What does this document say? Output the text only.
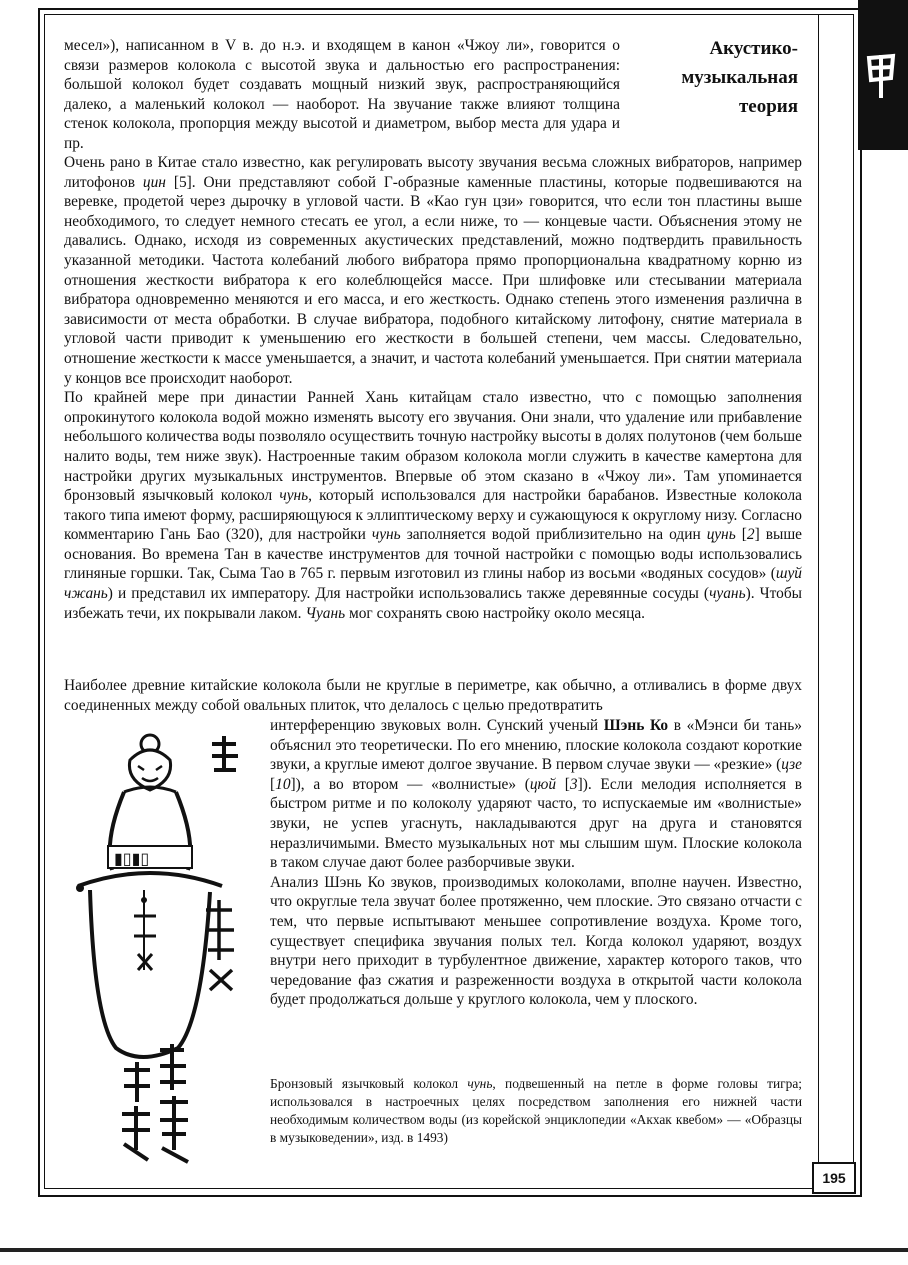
Акустико-
музыкальная
теория

месел»), написанном в V в. до н.э. и входящем в канон «Чжоу ли», говорится о связи размеров колокола с высотой звука и дальностью его распространения: большой колокол будет создавать мощный низкий звук, распространяющийся далеко, а маленький колокол — наоборот. На звучание также влияют толщина стенок колокола, пропорция между высотой и диаметром, выбор места для удара и пр.

Очень рано в Китае стало известно, как регулировать высоту звучания весьма сложных вибраторов, например литофонов цин [5]. Они представляют собой Г-образные каменные пластины, которые подвешиваются на веревке, продетой через дырочку в угловой части. В «Као гун цзи» говорится, что если тон пластины выше необходимого, то следует немного стесать ее угол, а если ниже, то — концевые части. Объяснения этому не давались. Однако, исходя из современных акустических представлений, можно подтвердить правильность указанной методики. Частота колебаний любого вибратора прямо пропорциональна квадратному корню из отношения жесткости вибратора к его колеблющейся массе. При шлифовке или стесывании материала вибратора одновременно меняются и его масса, и его жесткость. Однако степень этого изменения различна в зависимости от места обработки. В случае вибратора, подобного китайскому литофону, снятие материала в угловой части приводит к уменьшению его жесткости в большей степени, чем массы. Следовательно, отношение жесткости к массе уменьшается, а значит, и частота колебаний уменьшается. При снятии материала у концов все происходит наоборот.

По крайней мере при династии Ранней Хань китайцам стало известно, что с помощью заполнения опрокинутого колокола водой можно изменять высоту его звучания. Они знали, что удаление или прибавление небольшого количества воды позволяло осуществить точную настройку высоты в долях полутонов (чем больше налито воды, тем ниже звук). Настроенные таким образом колокола могли служить в качестве камертона для настройки других музыкальных инструментов. Впервые об этом сказано в «Чжоу ли». Там упоминается бронзовый язычковый колокол чунь, который использовался для настройки барабанов. Известные колокола такого типа имеют форму, расширяющуюся к эллиптическому верху и сужающуюся к округлому низу. Согласно комментарию Гань Бао (320), для настройки чунь заполняется водой приблизительно на один цунь [2] выше основания. Во времена Тан в качестве инструментов для точной настройки с помощью воды использовались глиняные горшки. Так, Сыма Тао в 765 г. первым изготовил из глины набор из восьми «водяных сосудов» (шуй чжань) и представил их императору. Для настройки использовались также деревянные сосуды (чуань). Чтобы избежать течи, их покрывали лаком. Чуань мог сохранять свою настройку около месяца.

Наиболее древние китайские колокола были не круглые в периметре, как обычно, а отливались в форме двух соединенных между собой овальных плиток, что делалось с целью предотвратить

интерференцию звуковых волн. Сунский ученый Шэнь Ко в «Мэнси би тань» объяснил это теоретически. По его мнению, плоские колокола создают короткие звуки, а круглые имеют долгое звучание. В первом случае звуки — «резкие» (цзе [10]), а во втором — «волнистые» (цюй [3]). Если мелодия исполняется в быстром ритме и по колоколу ударяют часто, то испускаемые им «волнистые» звуки, не успев угаснуть, накладываются друг на друга и становятся неразличимыми. Вместо музыкальных нот мы слышим шум. Плоские колокола в таком случае дают более разборчивые звуки.

Анализ Шэнь Ко звуков, производимых колоколами, вполне научен. Известно, что округлые тела звучат более протяженно, чем плоские. Это связано отчасти с тем, что первые испытывают меньшее сопротивление воздуха. Кроме того, существует специфика звучания полых тел. Когда колокол ударяют, воздух внутри него приходит в турбулентное движение, характер которого таков, что чередование фаз сжатия и разреженности воздуха в открытой части колокола будет продолжаться дольше у круглого колокола, чем у плоского.

▮▯▮▯

Бронзовый язычковый колокол чунь, подвешенный на петле в форме головы тигра; использовался в настроечных целях посредством заполнения его нижней части необходимым количеством воды (из корейской энциклопедии «Акхак квебом» — «Образцы в музыковедении», изд. в 1493)

195
